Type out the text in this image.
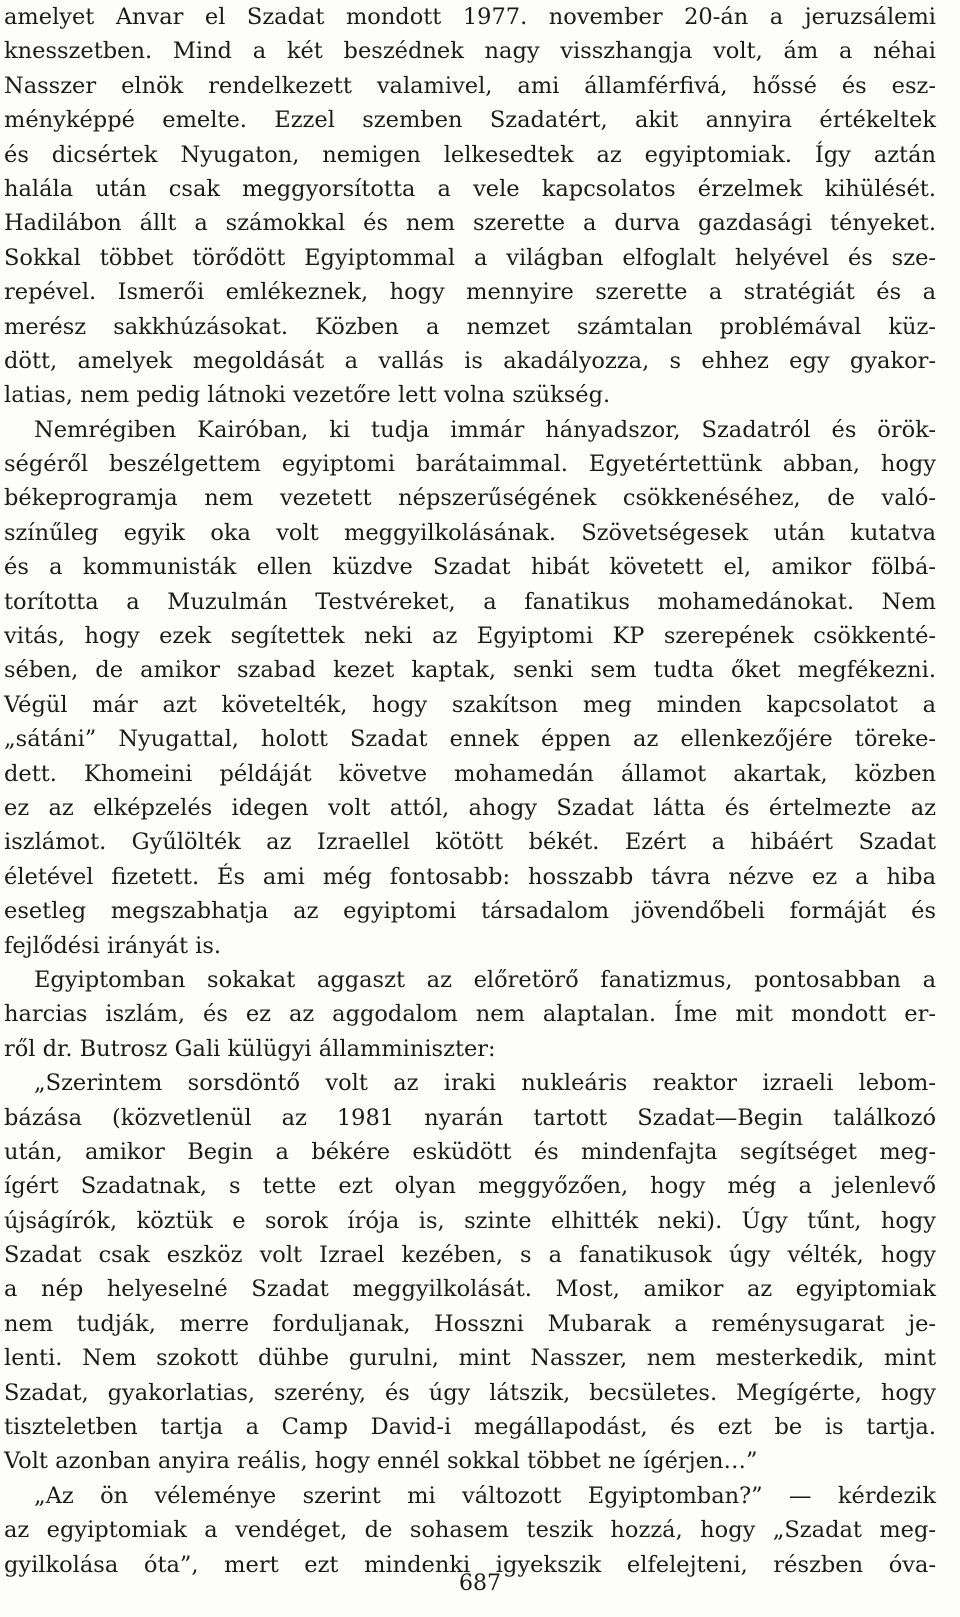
amelyet Anvar el Szadat mondott 1977. november 20-án a jeruzsálemi
knesszetben. Mind a két beszédnek nagy visszhangja volt, ám a néhai
Nasszer elnök rendelkezett valamivel, ami államférfivá, hőssé és esz-
ményképpé emelte. Ezzel szemben Szadatért, akit annyira értékeltek
és dicsértek Nyugaton, nemigen lelkesedtek az egyiptomiak. Így aztán
halála után csak meggyorsította a vele kapcsolatos érzelmek kihülését.
Hadilábon állt a számokkal és nem szerette a durva gazdasági tényeket.
Sokkal többet törődött Egyiptommal a világban elfoglalt helyével és sze-
repével. Ismerői emlékeznek, hogy mennyire szerette a stratégiát és a
merész sakkhúzásokat. Közben a nemzet számtalan problémával küz-
dött, amelyek megoldását a vallás is akadályozza, s ehhez egy gyakor-
latias, nem pedig látnoki vezetőre lett volna szükség.
Nemrégiben Kairóban, ki tudja immár hányadszor, Szadatról és örök-
ségéről beszélgettem egyiptomi barátaimmal. Egyetértettünk abban, hogy
békeprogramja nem vezetett népszerűségének csökkenéséhez, de való-
színűleg egyik oka volt meggyilkolásának. Szövetségesek után kutatva
és a kommunisták ellen küzdve Szadat hibát követett el, amikor fölbá-
torította a Muzulmán Testvéreket, a fanatikus mohamedánokat. Nem
vitás, hogy ezek segítettek neki az Egyiptomi KP szerepének csökkenté-
sében, de amikor szabad kezet kaptak, senki sem tudta őket megfékezni.
Végül már azt követelték, hogy szakítson meg minden kapcsolatot a
„sátáni” Nyugattal, holott Szadat ennek éppen az ellenkezőjére töreke-
dett. Khomeini példáját követve mohamedán államot akartak, közben
ez az elképzelés idegen volt attól, ahogy Szadat látta és értelmezte az
iszlámot. Gyűlölték az Izraellel kötött békét. Ezért a hibáért Szadat
életével fizetett. És ami még fontosabb: hosszabb távra nézve ez a hiba
esetleg megszabhatja az egyiptomi társadalom jövendőbeli formáját és
fejlődési irányát is.
Egyiptomban sokakat aggaszt az előretörő fanatizmus, pontosabban a
harcias iszlám, és ez az aggodalom nem alaptalan. Íme mit mondott er-
ről dr. Butrosz Gali külügyi államminiszter:
„Szerintem sorsdöntő volt az iraki nukleáris reaktor izraeli lebom-
bázása (közvetlenül az 1981 nyarán tartott Szadat—Begin találkozó
után, amikor Begin a békére esküdött és mindenfajta segítséget meg-
ígért Szadatnak, s tette ezt olyan meggyőzően, hogy még a jelenlevő
újságírók, köztük e sorok írója is, szinte elhitték neki). Úgy tűnt, hogy
Szadat csak eszköz volt Izrael kezében, s a fanatikusok úgy vélték, hogy
a nép helyeselné Szadat meggyilkolását. Most, amikor az egyiptomiak
nem tudják, merre forduljanak, Hosszni Mubarak a reménysugarat je-
lenti. Nem szokott dühbe gurulni, mint Nasszer, nem mesterkedik, mint
Szadat, gyakorlatias, szerény, és úgy látszik, becsületes. Megígérte, hogy
tiszteletben tartja a Camp David-i megállapodást, és ezt be is tartja.
Volt azonban anyira reális, hogy ennél sokkal többet ne ígérjen…”
„Az ön véleménye szerint mi változott Egyiptomban?” — kérdezik
az egyiptomiak a vendéget, de sohasem teszik hozzá, hogy „Szadat meg-
gyilkolása óta”, mert ezt mindenki igyekszik elfelejteni, részben óva-
687
